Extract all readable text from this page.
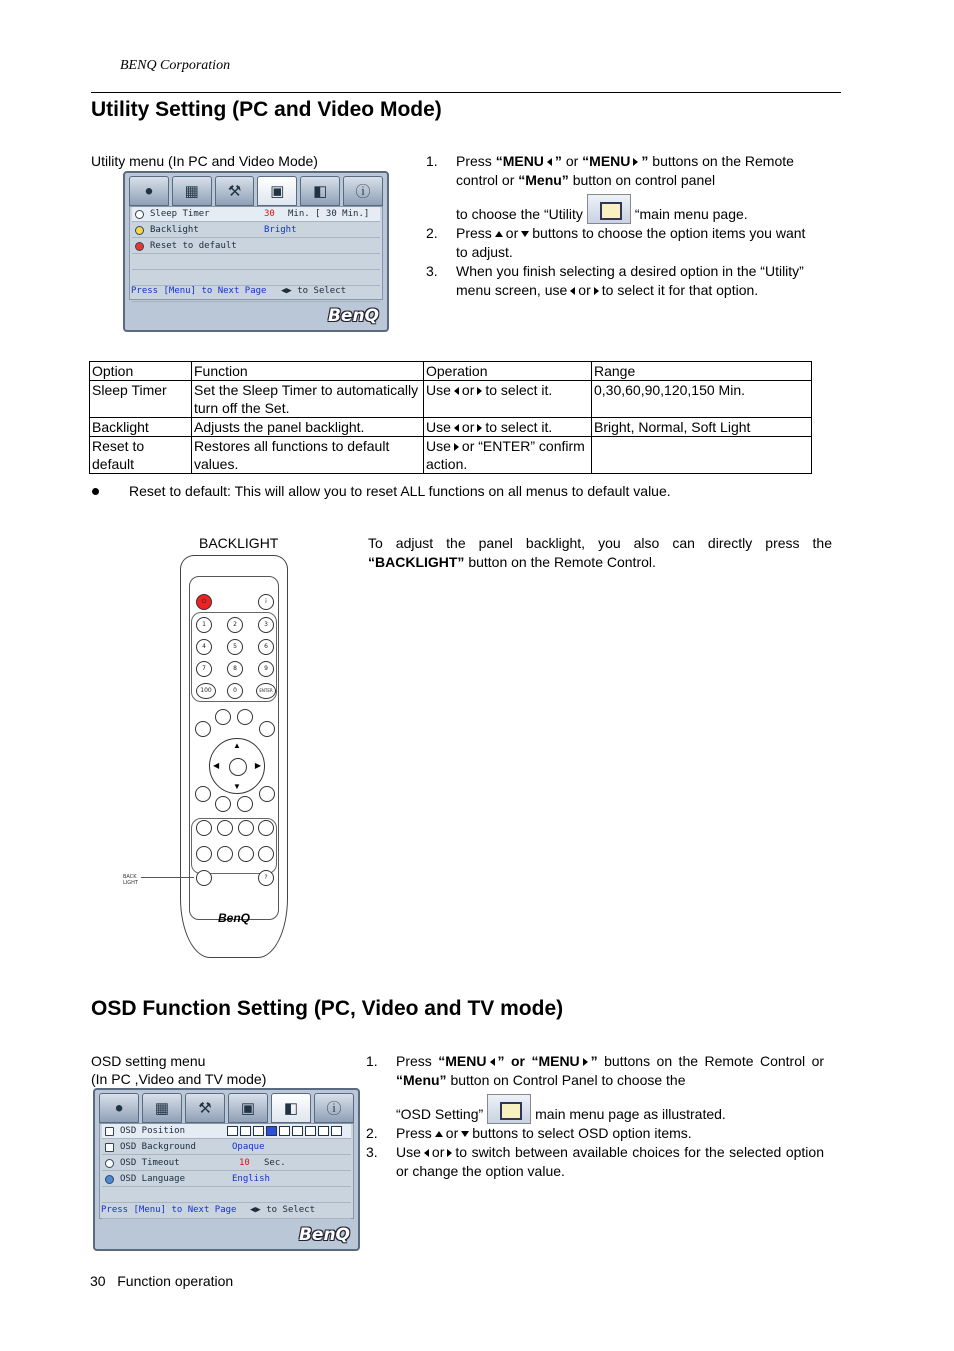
BENQ Corporation
Utility Setting (PC and Video Mode)
Utility menu (In PC and Video Mode)
● ▦ ⚒ ▣ ◧ ⓘ
Sleep Timer	30 Min. [ 30 Min.]
Backlight	Bright
Reset to default
Press [Menu] to Next Page ◀▶ to Select
BenQ
1. Press “MENU ” or “MENU ” buttons on the Remote control or “Menu” button on control panel
to choose the “Utility	“main menu page.
2. Press or buttons to choose the option items you want to adjust.
3. When you finish selecting a desired option in the “Utility” menu screen, use or to select it for that option.
Option	Function	Operation	Range
Sleep Timer	Set the Sleep Timer to automatically turn off the Set.	Use or to select it.	0,30,60,90,120,150 Min.
Backlight	Adjusts the panel backlight.	Use or to select it.	Bright, Normal, Soft Light
Reset to default	Restores all functions to default values.	Use or “ENTER” confirm action.	
Reset to default: This will allow you to reset ALL functions on all menus to default value.
BACKLIGHT	To adjust the panel backlight, you also can directly press the “BACKLIGHT” button on the Remote Control.
⏻	i
1	2	3
4	5	6
7	8	9
100	0	ENTER
▲
▼
◀	▶
?
BenQ
BACK LIGHT
OSD Function Setting (PC, Video and TV mode)
OSD setting menu
(In PC ,Video and TV mode)
● ▦ ⚒ ▣ ◧ ⓘ
OSD Position
OSD Background	Opaque
OSD Timeout	10 Sec.
OSD Language	English
Press [Menu] to Next Page ◀▶ to Select
BenQ
1. Press “MENU ” or “MENU ” buttons on the Remote Control or “Menu” button on Control Panel to choose the
“OSD Setting”	main menu page as illustrated.
2. Press or buttons to select OSD option items.
3. Use or to switch between available choices for the selected option or change the option value.
30 Function operation
